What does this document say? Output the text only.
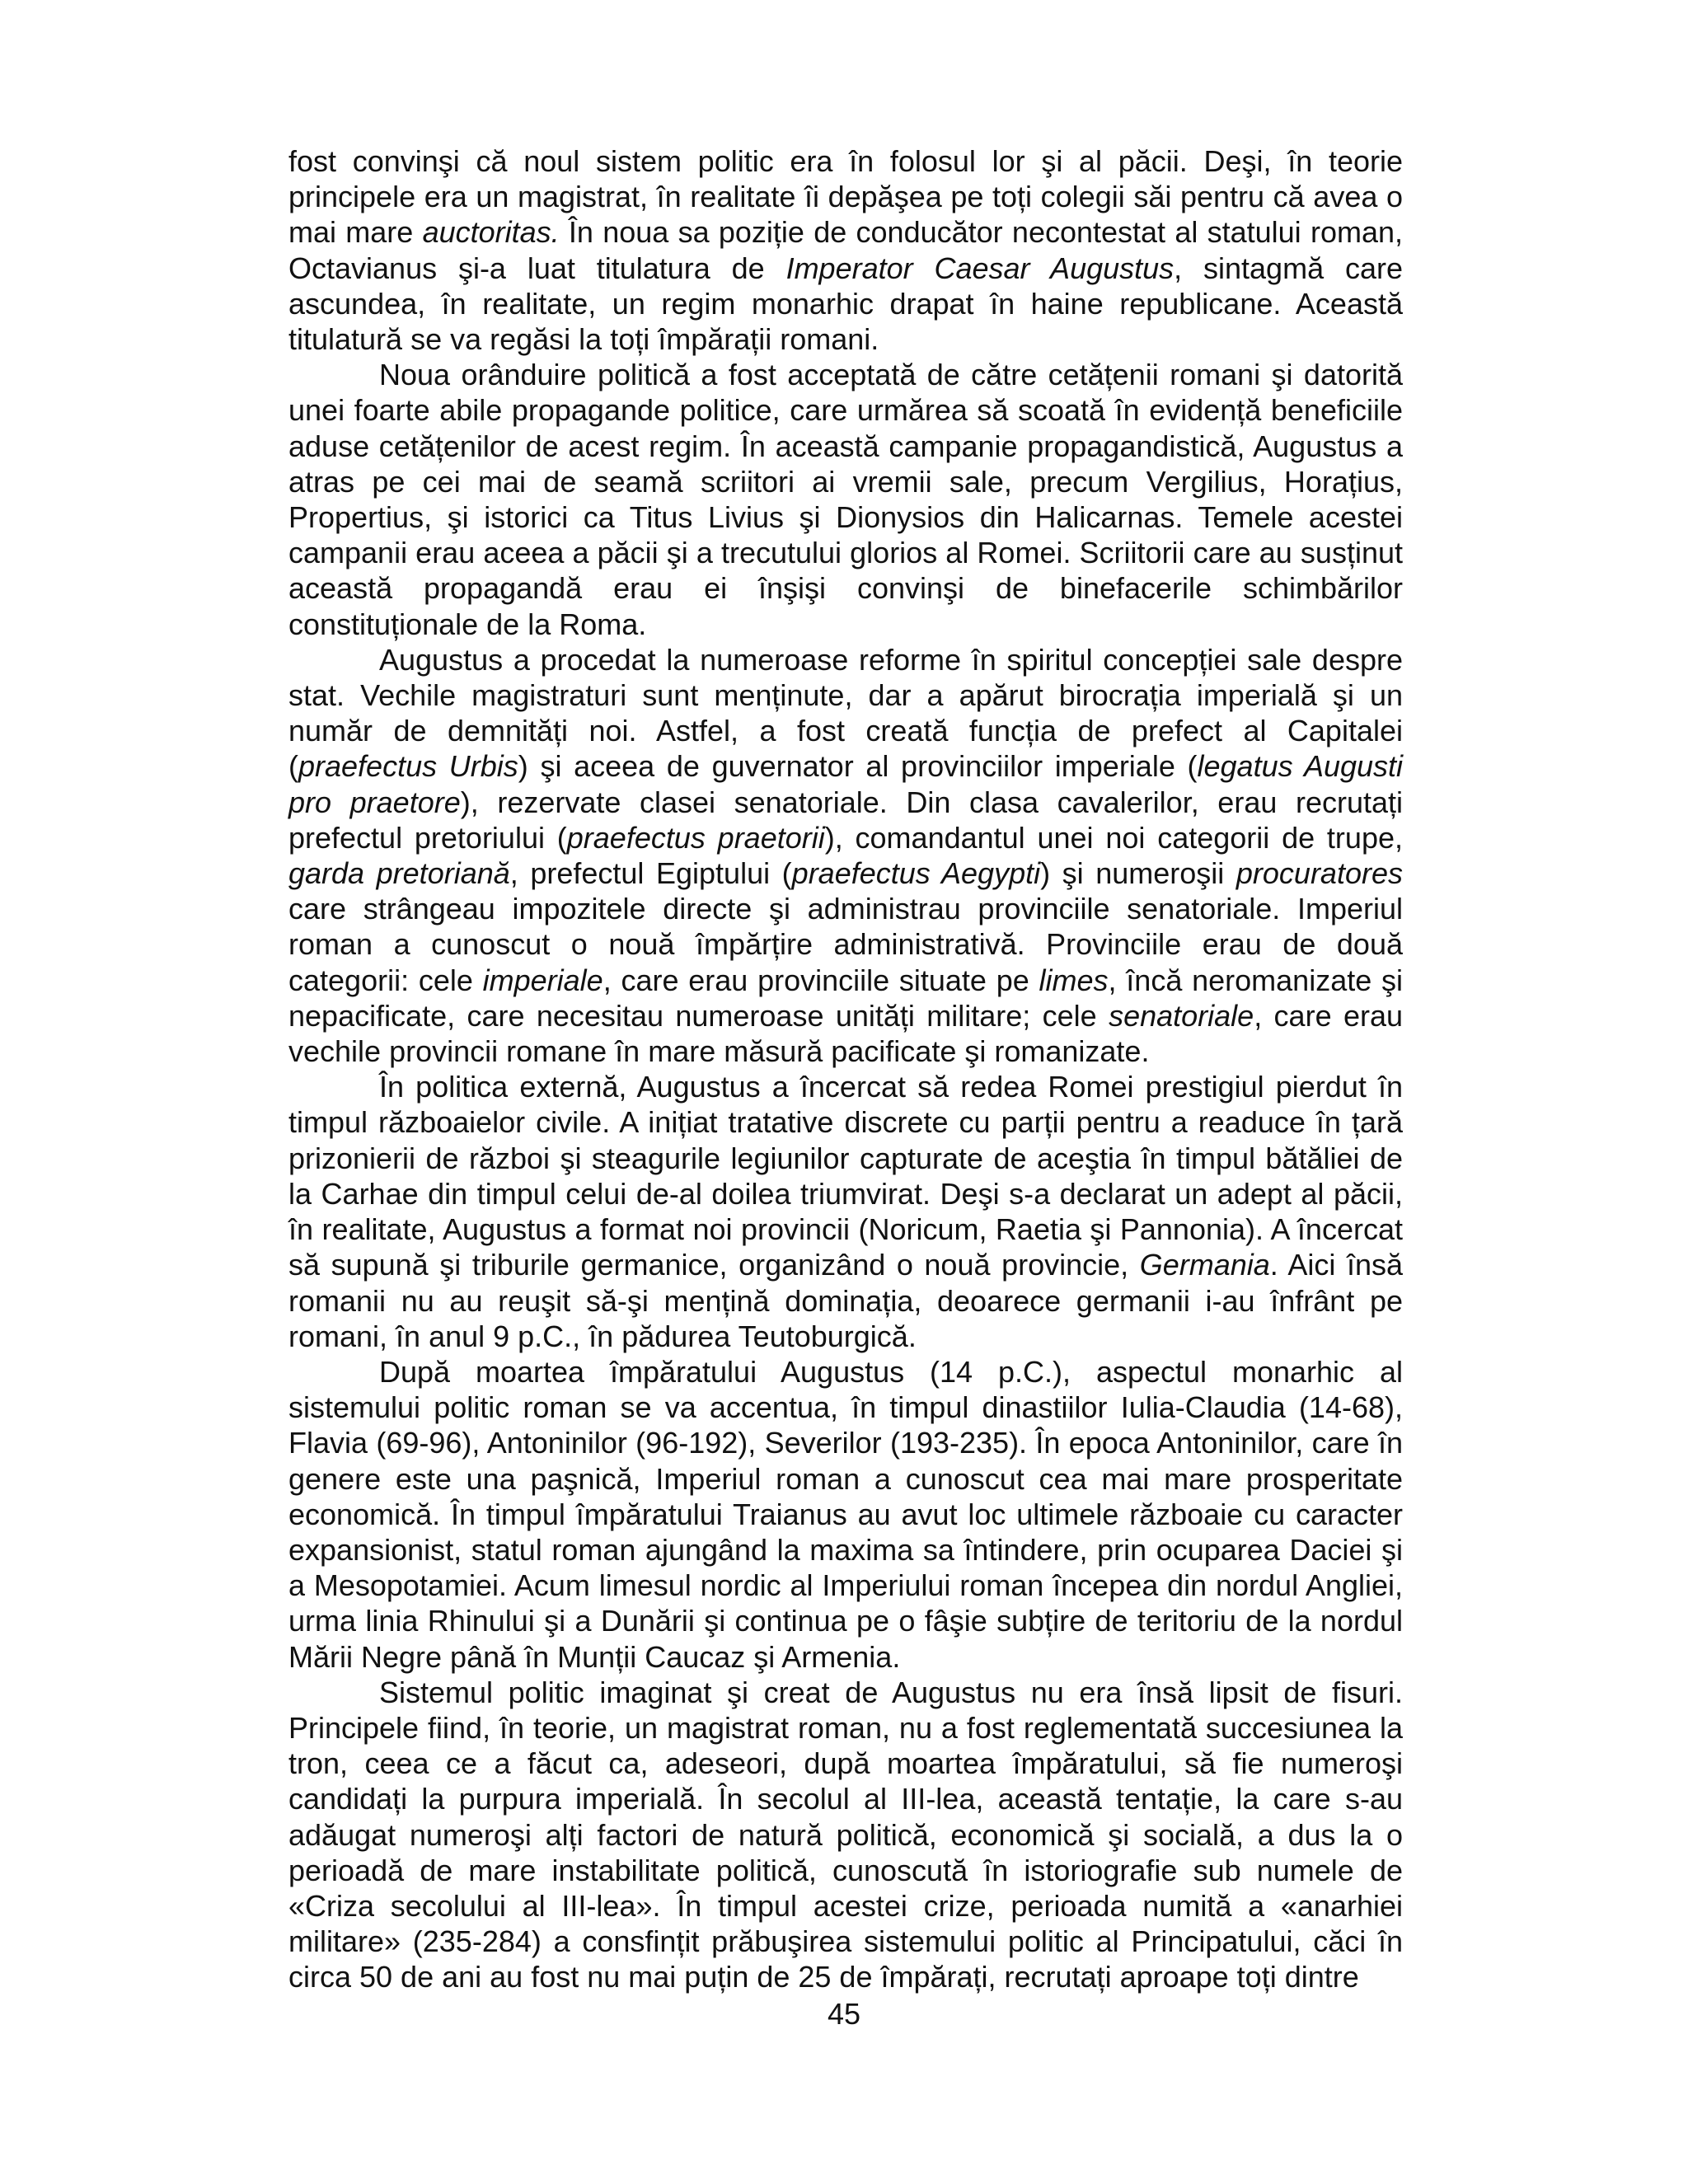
fost convinşi că noul sistem politic era în folosul lor şi al păcii. Deşi, în teorie principele era un magistrat, în realitate îi depăşea pe toți colegii săi pentru că avea o mai mare auctoritas. În noua sa poziție de conducător necontestat al statului roman, Octavianus şi-a luat titulatura de Imperator Caesar Augustus, sintagmă care ascundea, în realitate, un regim monarhic drapat în haine republicane. Această titulatură se va regăsi la toți împărații romani.

Noua orânduire politică a fost acceptată de către cetățenii romani şi datorită unei foarte abile propagande politice, care urmărea să scoată în evidență beneficiile aduse cetățenilor de acest regim. În această campanie propagandistică, Augustus a atras pe cei mai de seamă scriitori ai vremii sale, precum Vergilius, Horațius, Propertius, şi istorici ca Titus Livius şi Dionysios din Halicarnas. Temele acestei campanii erau aceea a păcii şi a trecutului glorios al Romei. Scriitorii care au susținut această propagandă erau ei înşişi convinşi de binefacerile schimbărilor constituționale de la Roma.

Augustus a procedat la numeroase reforme în spiritul concepției sale despre stat. Vechile magistraturi sunt menținute, dar a apărut birocrația imperială şi un număr de demnități noi. Astfel, a fost creată funcția de prefect al Capitalei (praefectus Urbis) şi aceea de guvernator al provinciilor imperiale (legatus Augusti pro praetore), rezervate clasei senatoriale. Din clasa cavalerilor, erau recrutați prefectul pretoriului (praefectus praetorii), comandantul unei noi categorii de trupe, garda pretoriană, prefectul Egiptului (praefectus Aegypti) şi numeroşii procuratores care strângeau impozitele directe şi administrau provinciile senatoriale. Imperiul roman a cunoscut o nouă împărțire administrativă. Provinciile erau de două categorii: cele imperiale, care erau provinciile situate pe limes, încă neromanizate şi nepacificate, care necesitau numeroase unități militare; cele senatoriale, care erau vechile provincii romane în mare măsură pacificate şi romanizate.

În politica externă, Augustus a încercat să redea Romei prestigiul pierdut în timpul războaielor civile. A inițiat tratative discrete cu parții pentru a readuce în țară prizonierii de război şi steagurile legiunilor capturate de aceştia în timpul bătăliei de la Carhae din timpul celui de-al doilea triumvirat. Deşi s-a declarat un adept al păcii, în realitate, Augustus a format noi provincii (Noricum, Raetia şi Pannonia). A încercat să supună şi triburile germanice, organizând o nouă provincie, Germania. Aici însă romanii nu au reuşit să-şi mențină dominația, deoarece germanii i-au înfrânt pe romani, în anul 9 p.C., în pădurea Teutoburgică.

După moartea împăratului Augustus (14 p.C.), aspectul monarhic al sistemului politic roman se va accentua, în timpul dinastiilor Iulia-Claudia (14-68), Flavia (69-96), Antoninilor (96-192), Severilor (193-235). În epoca Antoninilor, care în genere este una paşnică, Imperiul roman a cunoscut cea mai mare prosperitate economică. În timpul împăratului Traianus au avut loc ultimele războaie cu caracter expansionist, statul roman ajungând la maxima sa întindere, prin ocuparea Daciei şi a Mesopotamiei. Acum limesul nordic al Imperiului roman începea din nordul Angliei, urma linia Rhinului şi a Dunării şi continua pe o fâşie subțire de teritoriu de la nordul Mării Negre până în Munții Caucaz şi Armenia.

Sistemul politic imaginat şi creat de Augustus nu era însă lipsit de fisuri. Principele fiind, în teorie, un magistrat roman, nu a fost reglementată succesiunea la tron, ceea ce a făcut ca, adeseori, după moartea împăratului, să fie numeroşi candidați la purpura imperială. În secolul al III-lea, această tentație, la care s-au adăugat numeroşi alți factori de natură politică, economică şi socială, a dus la o perioadă de mare instabilitate politică, cunoscută în istoriografie sub numele de «Criza secolului al III-lea». În timpul acestei crize, perioada numită a «anarhiei militare» (235-284) a consfințit prăbuşirea sistemului politic al Principatului, căci în circa 50 de ani au fost nu mai puțin de 25 de împărați, recrutați aproape toți dintre

45
